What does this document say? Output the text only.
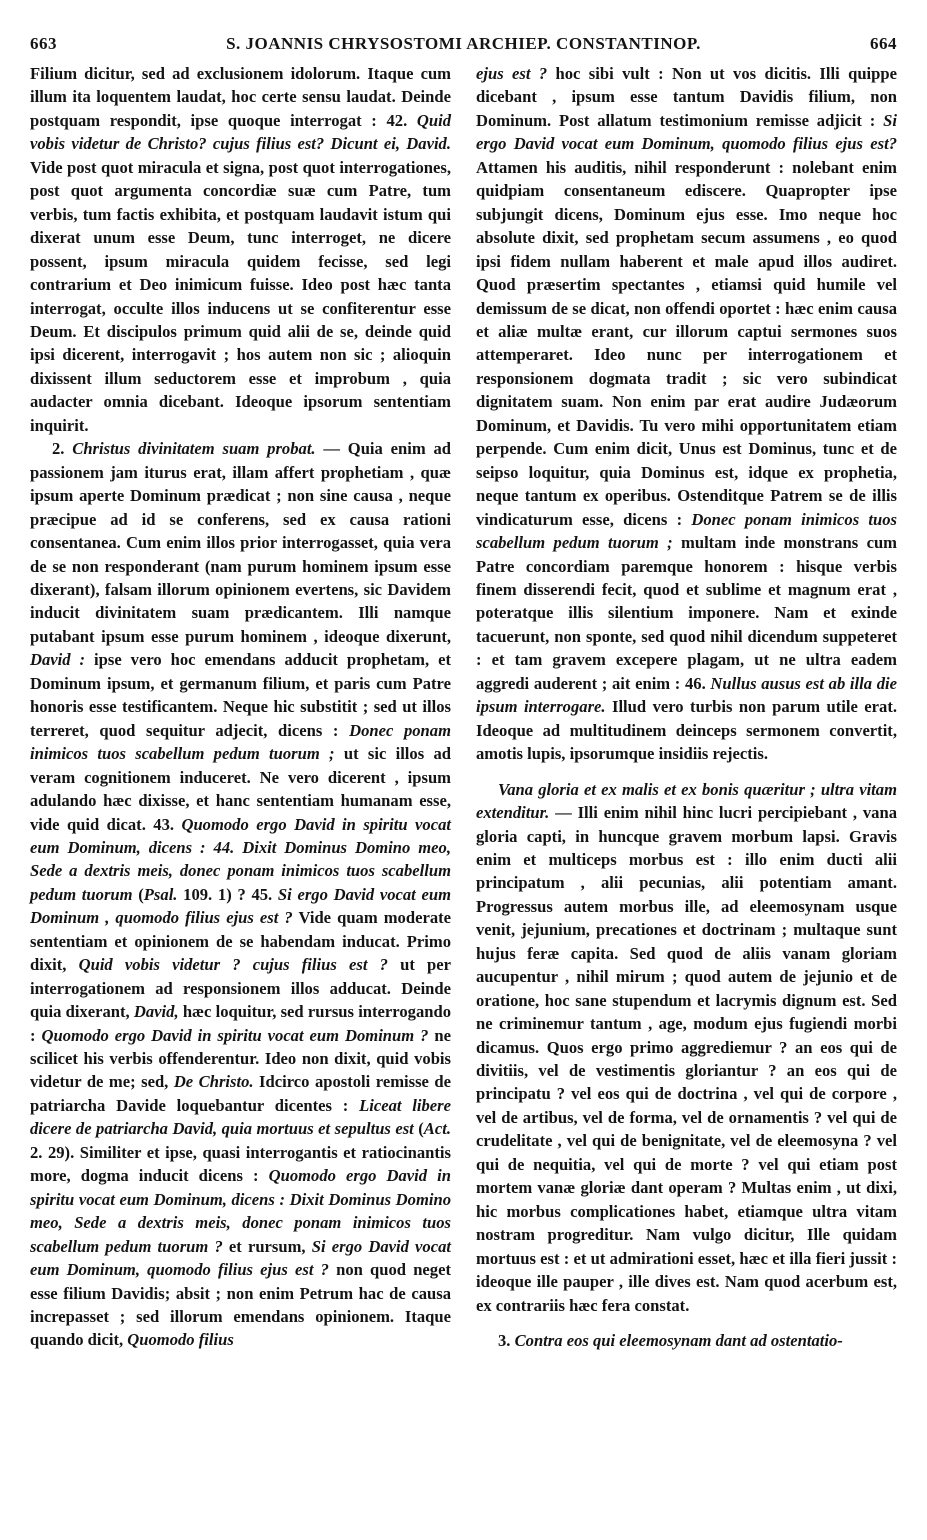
663	S. JOANNIS CHRYSOSTOMI ARCHIEP. CONSTANTINOP.	664

Filium dicitur, sed ad exclusionem idolorum. Itaque cum illum ita loquentem laudat, hoc certe sensu laudat. Deinde postquam respondit, ipse quoque interrogat : 42. Quid vobis videtur de Christo? cujus filius est? Dicunt ei, David. Vide post quot miracula et signa, post quot interrogationes, post quot argumenta concordiæ suæ cum Patre, tum verbis, tum factis exhibita, et postquam laudavit istum qui dixerat unum esse Deum, tunc interroget, ne dicere possent, ipsum miracula quidem fecisse, sed legi contrarium et Deo inimicum fuisse. Ideo post hæc tanta interrogat, occulte illos inducens ut se confiterentur esse Deum. Et discipulos primum quid alii de se, deinde quid ipsi dicerent, interrogavit ; hos autem non sic ; alioquin dixissent illum seductorem esse et improbum , quia audacter omnia dicebant. Ideoque ipsorum sententiam inquirit.

2. Christus divinitatem suam probat. — Quia enim ad passionem jam iturus erat, illam affert prophetiam , quæ ipsum aperte Dominum prædicat ; non sine causa , neque præcipue ad id se conferens, sed ex causa rationi consentanea. Cum enim illos prior interrogasset, quia vera de se non responderant (nam purum hominem ipsum esse dixerant), falsam illorum opinionem evertens, sic Davidem inducit divinitatem suam prædicantem. Illi namque putabant ipsum esse purum hominem , ideoque dixerunt, David : ipse vero hoc emendans adducit prophetam, et Dominum ipsum, et germanum filium, et paris cum Patre honoris esse testificantem. Neque hic substitit ; sed ut illos terreret, quod sequitur adjecit, dicens : Donec ponam inimicos tuos scabellum pedum tuorum ; ut sic illos ad veram cognitionem induceret. Ne vero dicerent , ipsum adulando hæc dixisse, et hanc sententiam humanam esse, vide quid dicat. 43. Quomodo ergo David in spiritu vocat eum Dominum, dicens : 44. Dixit Dominus Domino meo, Sede a dextris meis, donec ponam inimicos tuos scabellum pedum tuorum (Psal. 109. 1) ? 45. Si ergo David vocat eum Dominum , quomodo filius ejus est ? Vide quam moderate sententiam et opinionem de se habendam inducat. Primo dixit, Quid vobis videtur ? cujus filius est ? ut per interrogationem ad responsionem illos adducat. Deinde quia dixerant, David, hæc loquitur, sed rursus interrogando : Quomodo ergo David in spiritu vocat eum Dominum ? ne scilicet his verbis offenderentur. Ideo non dixit, quid vobis videtur de me; sed, De Christo. Idcirco apostoli remisse de patriarcha Davide loquebantur dicentes : Liceat libere dicere de patriarcha David, quia mortuus et sepultus est (Act. 2. 29). Similiter et ipse, quasi interrogantis et ratiocinantis more, dogma inducit dicens : Quomodo ergo David in spiritu vocat eum Dominum, dicens : Dixit Dominus Domino meo, Sede a dextris meis, donec ponam inimicos tuos scabellum pedum tuorum ? et rursum, Si ergo David vocat eum Dominum, quomodo filius ejus est ? non quod neget esse filium Davidis; absit ; non enim Petrum hac de causa increpasset ; sed illorum emendans opinionem. Itaque quando dicit, Quomodo filius

ejus est ? hoc sibi vult : Non ut vos dicitis. Illi quippe dicebant , ipsum esse tantum Davidis filium, non Dominum. Post allatum testimonium remisse adjicit : Si ergo David vocat eum Dominum, quomodo filius ejus est? Attamen his auditis, nihil responderunt : nolebant enim quidpiam consentaneum ediscere. Quapropter ipse subjungit dicens, Dominum ejus esse. Imo neque hoc absolute dixit, sed prophetam secum assumens , eo quod ipsi fidem nullam haberent et male apud illos audiret. Quod præsertim spectantes , etiamsi quid humile vel demissum de se dicat, non offendi oportet : hæc enim causa et aliæ multæ erant, cur illorum captui sermones suos attemperaret. Ideo nunc per interrogationem et responsionem dogmata tradit ; sic vero subindicat dignitatem suam. Non enim par erat audire Judæorum Dominum, et Davidis. Tu vero mihi opportunitatem etiam perpende. Cum enim dicit, Unus est Dominus, tunc et de seipso loquitur, quia Dominus est, idque ex prophetia, neque tantum ex operibus. Ostenditque Patrem se de illis vindicaturum esse, dicens : Donec ponam inimicos tuos scabellum pedum tuorum ; multam inde monstrans cum Patre concordiam paremque honorem : hisque verbis finem disserendi fecit, quod et sublime et magnum erat , poteratque illis silentium imponere. Nam et exinde tacuerunt, non sponte, sed quod nihil dicendum suppeteret : et tam gravem excepere plagam, ut ne ultra eadem aggredi auderent ; ait enim : 46. Nullus ausus est ab illa die ipsum interrogare. Illud vero turbis non parum utile erat. Ideoque ad multitudinem deinceps sermonem convertit, amotis lupis, ipsorumque insidiis rejectis.

Vana gloria et ex malis et ex bonis quæritur ; ultra vitam extenditur. — Illi enim nihil hinc lucri percipiebant , vana gloria capti, in huncque gravem morbum lapsi. Gravis enim et multiceps morbus est : illo enim ducti alii principatum , alii pecunias, alii potentiam amant. Progressus autem morbus ille, ad eleemosynam usque venit, jejunium, precationes et doctrinam ; multaque sunt hujus feræ capita. Sed quod de aliis vanam gloriam aucupentur , nihil mirum ; quod autem de jejunio et de oratione, hoc sane stupendum et lacrymis dignum est. Sed ne criminemur tantum , age, modum ejus fugiendi morbi dicamus. Quos ergo primo aggrediemur ? an eos qui de divitiis, vel de vestimentis gloriantur ? an eos qui de principatu ? vel eos qui de doctrina , vel qui de corpore , vel de artibus, vel de forma, vel de ornamentis ? vel qui de crudelitate , vel qui de benignitate, vel de eleemosyna ? vel qui de nequitia, vel qui de morte ? vel qui etiam post mortem vanæ gloriæ dant operam ? Multas enim , ut dixi, hic morbus complicationes habet, etiamque ultra vitam nostram progreditur. Nam vulgo dicitur, Ille quidam mortuus est : et ut admirationi esset, hæc et illa fieri jussit : ideoque ille pauper , ille dives est. Nam quod acerbum est, ex contrariis hæc fera constat.

3. Contra eos qui eleemosynam dant ad ostentatio-
